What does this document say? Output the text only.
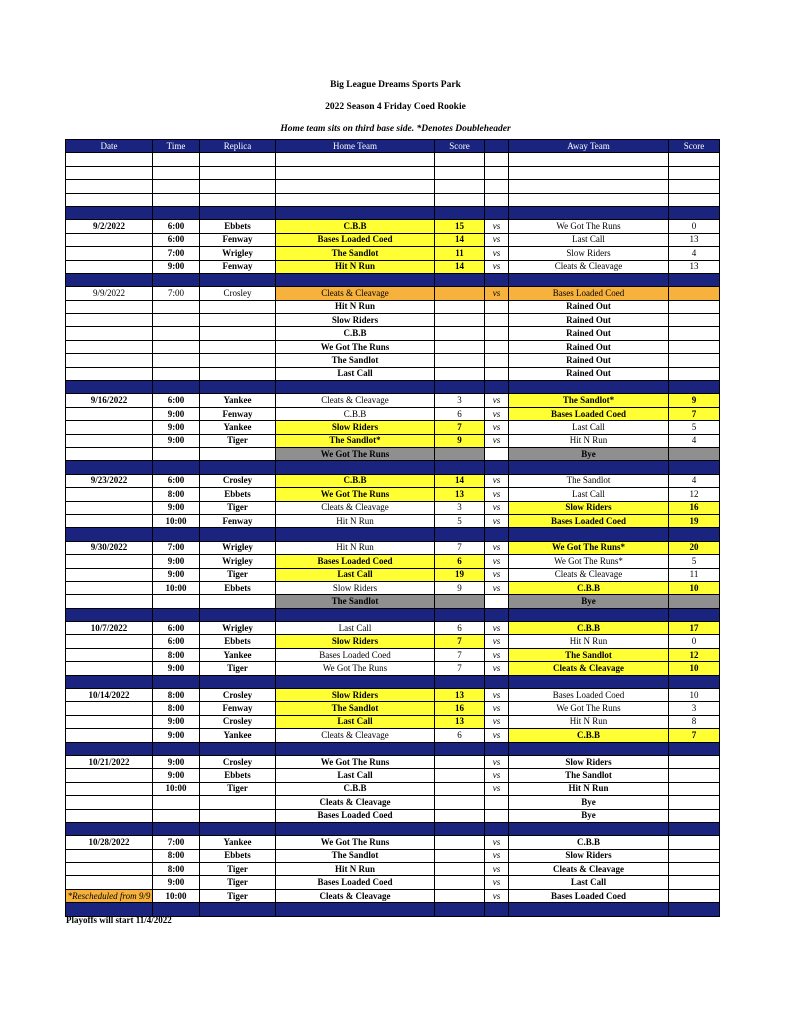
Big League Dreams Sports Park
2022 Season 4 Friday Coed Rookie
Home team sits on third base side. *Denotes Doubleheader
Date	Time	Replica	Home Team	Score		Away Team	Score

9/2/2022	6:00	Ebbets	C.B.B	15	vs	We Got The Runs	0
	6:00	Fenway	Bases Loaded Coed	14	vs	Last Call	13
	7:00	Wrigley	The Sandlot	11	vs	Slow Riders	4
	9:00	Fenway	Hit N Run	14	vs	Cleats & Cleavage	13

9/9/2022	7:00	Crosley	Cleats & Cleavage		vs	Bases Loaded Coed	
			Hit N Run			Rained Out	
			Slow Riders			Rained Out	
			C.B.B			Rained Out	
			We Got The Runs			Rained Out	
			The Sandlot			Rained Out	
			Last Call			Rained Out	

9/16/2022	6:00	Yankee	Cleats & Cleavage	3	vs	The Sandlot*	9
	9:00	Fenway	C.B.B	6	vs	Bases Loaded Coed	7
	9:00	Yankee	Slow Riders	7	vs	Last Call	5
	9:00	Tiger	The Sandlot*	9	vs	Hit N Run	4
			We Got The Runs			Bye	

9/23/2022	6:00	Crosley	C.B.B	14	vs	The Sandlot	4
	8:00	Ebbets	We Got The Runs	13	vs	Last Call	12
	9:00	Tiger	Cleats & Cleavage	3	vs	Slow Riders	16
	10:00	Fenway	Hit N Run	5	vs	Bases Loaded Coed	19

9/30/2022	7:00	Wrigley	Hit N Run	7	vs	We Got The Runs*	20
	9:00	Wrigley	Bases Loaded Coed	6	vs	We Got The Runs*	5
	9:00	Tiger	Last Call	19	vs	Cleats & Cleavage	11
	10:00	Ebbets	Slow Riders	9	vs	C.B.B	10
			The Sandlot			Bye	

10/7/2022	6:00	Wrigley	Last Call	6	vs	C.B.B	17
	6:00	Ebbets	Slow Riders	7	vs	Hit N Run	0
	8:00	Yankee	Bases Loaded Coed	7	vs	The Sandlot	12
	9:00	Tiger	We Got The Runs	7	vs	Cleats & Cleavage	10

10/14/2022	8:00	Crosley	Slow Riders	13	vs	Bases Loaded Coed	10
	8:00	Fenway	The Sandlot	16	vs	We Got The Runs	3
	9:00	Crosley	Last Call	13	vs	Hit N Run	8
	9:00	Yankee	Cleats & Cleavage	6	vs	C.B.B	7

10/21/2022	9:00	Crosley	We Got The Runs		vs	Slow Riders	
	9:00	Ebbets	Last Call		vs	The Sandlot	
	10:00	Tiger	C.B.B		vs	Hit N Run	
			Cleats & Cleavage			Bye	
			Bases Loaded Coed			Bye	

10/28/2022	7:00	Yankee	We Got The Runs		vs	C.B.B	
	8:00	Ebbets	The Sandlot		vs	Slow Riders	
	8:00	Tiger	Hit N Run		vs	Cleats & Cleavage	
	9:00	Tiger	Bases Loaded Coed		vs	Last Call	
*Rescheduled from 9/9	10:00	Tiger	Cleats & Cleavage		vs	Bases Loaded Coed	

Playoffs will start 11/4/2022
